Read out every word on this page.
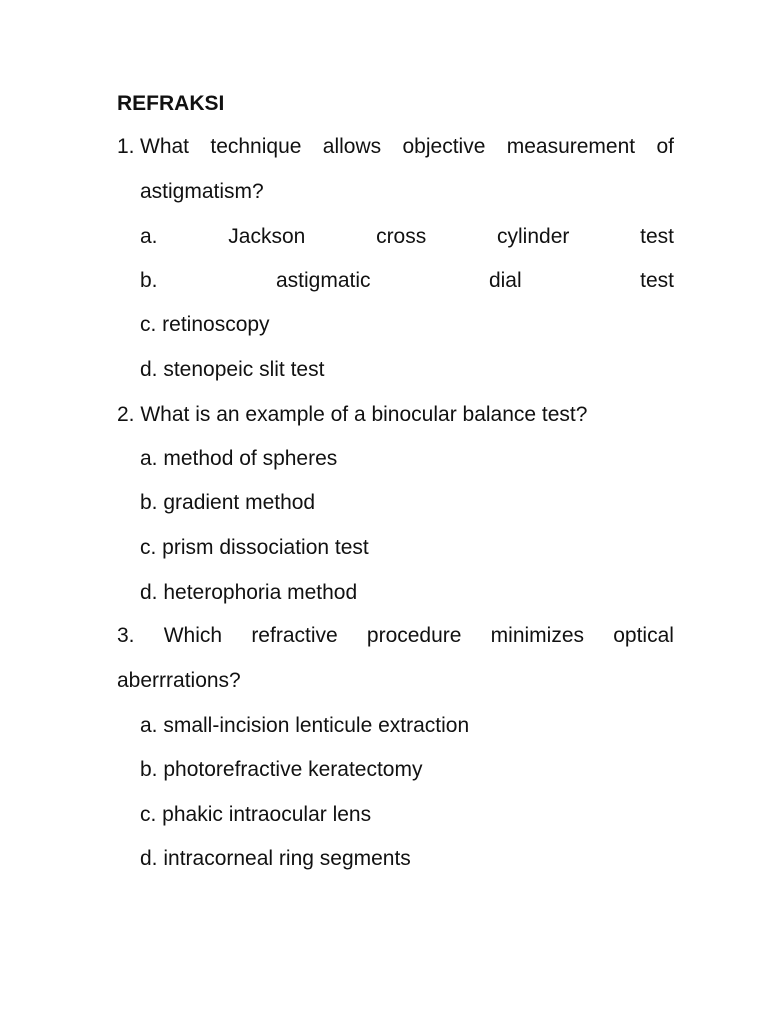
REFRAKSI
1. What technique allows objective measurement of
astigmatism?
a.	Jackson	cross	cylinder	test
b.	astigmatic	dial	test
c. retinoscopy
d. stenopeic slit test
2. What is an example of a binocular balance test?
a. method of spheres
b. gradient method
c. prism dissociation test
d. heterophoria method
3. Which refractive procedure minimizes optical
aberrrations?
a. small-incision lenticule extraction
b. photorefractive keratectomy
c. phakic intraocular lens
d. intracorneal ring segments
